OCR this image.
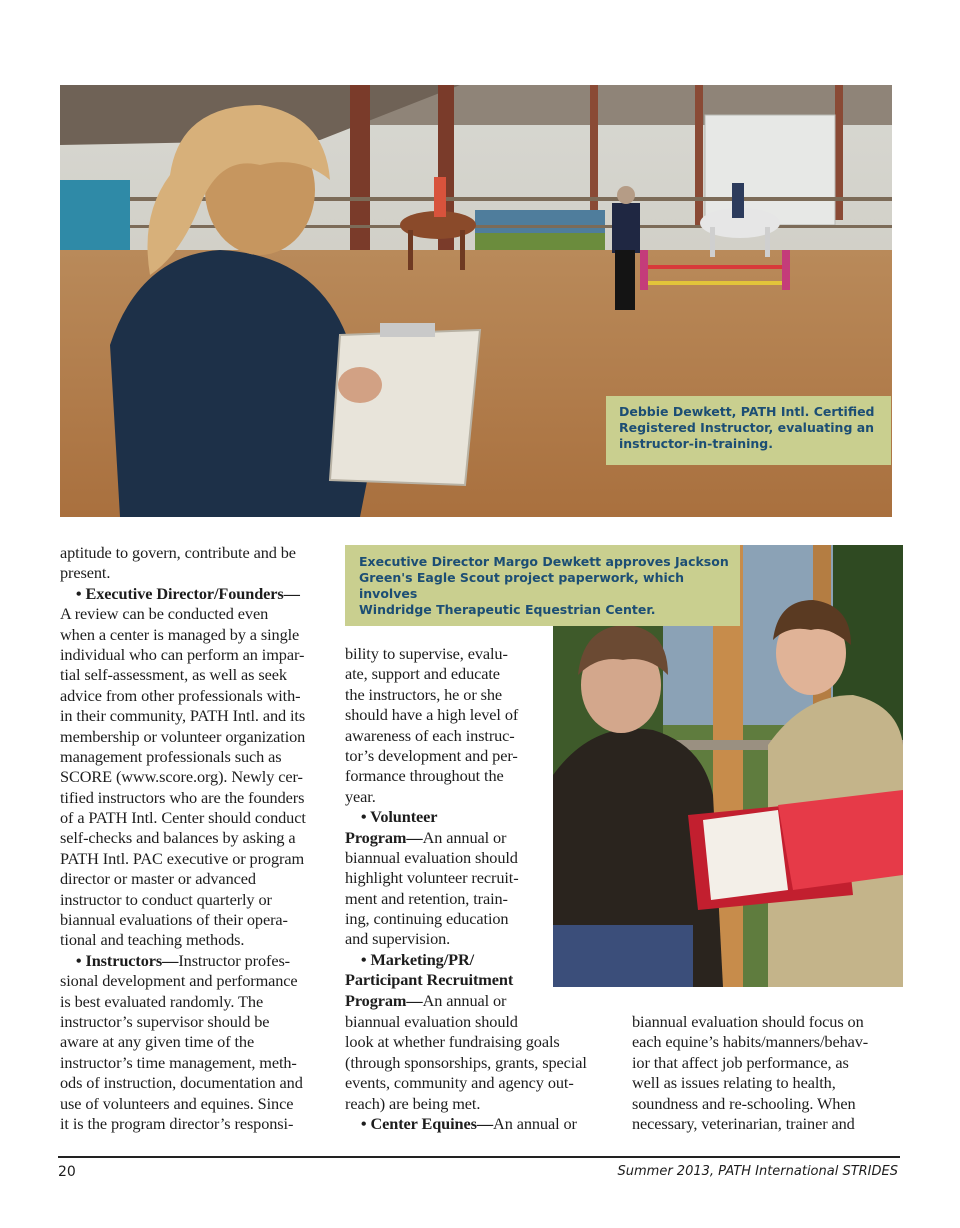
Debbie Dewkett, PATH Intl. Certified
Registered Instructor, evaluating an
instructor-in-training.
Executive Director Margo Dewkett approves Jackson
Green's Eagle Scout project paperwork, which involves
Windridge Therapeutic Equestrian Center.
aptitude to govern, contribute and be
present.
• Executive Director/Founders—
A review can be conducted even
when a center is managed by a single
individual who can perform an impar-
tial self-assessment, as well as seek
advice from other professionals with-
in their community, PATH Intl. and its
membership or volunteer organization
management professionals such as
SCORE (www.score.org). Newly cer-
tified instructors who are the founders
of a PATH Intl. Center should conduct
self-checks and balances by asking a
PATH Intl. PAC executive or program
director or master or advanced
instructor to conduct quarterly or
biannual evaluations of their opera-
tional and teaching methods.
• Instructors—Instructor profes-
sional development and performance
is best evaluated randomly. The
instructor’s supervisor should be
aware at any given time of the
instructor’s time management, meth-
ods of instruction, documentation and
use of volunteers and equines. Since
it is the program director’s responsi-
bility to supervise, evalu-
ate, support and educate
the instructors, he or she
should have a high level of
awareness of each instruc-
tor’s development and per-
formance throughout the
year.
• Volunteer
Program—An annual or
biannual evaluation should
highlight volunteer recruit-
ment and retention, train-
ing, continuing education
and supervision.
• Marketing/PR/
Participant Recruitment
Program—An annual or
biannual evaluation should
look at whether fundraising goals
(through sponsorships, grants, special
events, community and agency out-
reach) are being met.
• Center Equines—An annual or
biannual evaluation should focus on
each equine’s habits/manners/behav-
ior that affect job performance, as
well as issues relating to health,
soundness and re-schooling. When
necessary, veterinarian, trainer and
20	Summer 2013, PATH International STRIDES
